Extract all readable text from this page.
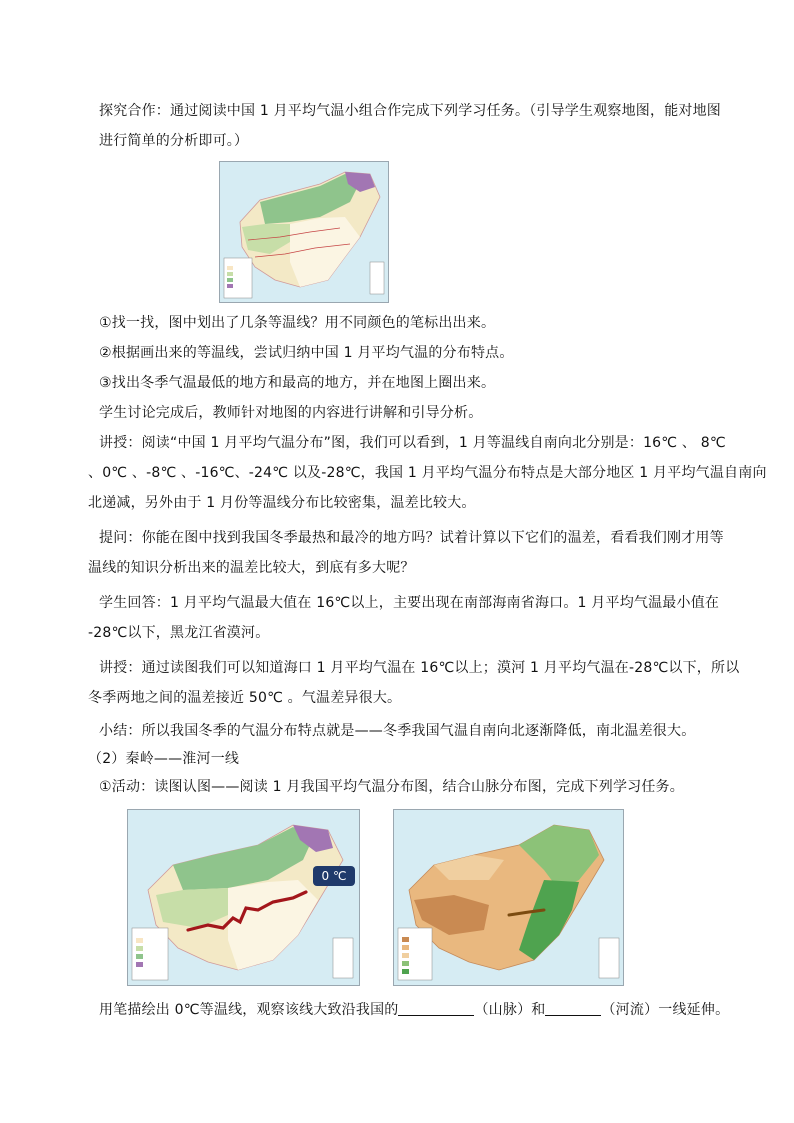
探究合作：通过阅读中国 1 月平均气温小组合作完成下列学习任务。（引导学生观察地图，能对地图
进行简单的分析即可。）
①找一找，图中划出了几条等温线？用不同颜色的笔标出出来。
②根据画出来的等温线，尝试归纳中国 1 月平均气温的分布特点。
③找出冬季气温最低的地方和最高的地方，并在地图上圈出来。
学生讨论完成后，教师针对地图的内容进行讲解和引导分析。
讲授：阅读“中国 1 月平均气温分布”图，我们可以看到，1 月等温线自南向北分别是：16℃ 、 8℃
、0℃ 、-8℃ 、-16℃、-24℃ 以及-28℃，我国 1 月平均气温分布特点是大部分地区 1 月平均气温自南向
北递减，另外由于 1 月份等温线分布比较密集，温差比较大。
提问：你能在图中找到我国冬季最热和最冷的地方吗？试着计算以下它们的温差，看看我们刚才用等
温线的知识分析出来的温差比较大，到底有多大呢？
学生回答：1 月平均气温最大值在 16℃以上，主要出现在南部海南省海口。1 月平均气温最小值在
-28℃以下，黑龙江省漠河。
讲授：通过读图我们可以知道海口 1 月平均气温在 16℃以上；漠河 1 月平均气温在-28℃以下，所以
冬季两地之间的温差接近 50℃ 。气温差异很大。
小结：所以我国冬季的气温分布特点就是——冬季我国气温自南向北逐渐降低，南北温差很大。
（2）秦岭——淮河一线
①活动：读图认图——阅读 1 月我国平均气温分布图，结合山脉分布图，完成下列学习任务。
0 ℃
用笔描绘出 0℃等温线，观察该线大致沿我国的	（山脉）和	（河流）一线延伸。
